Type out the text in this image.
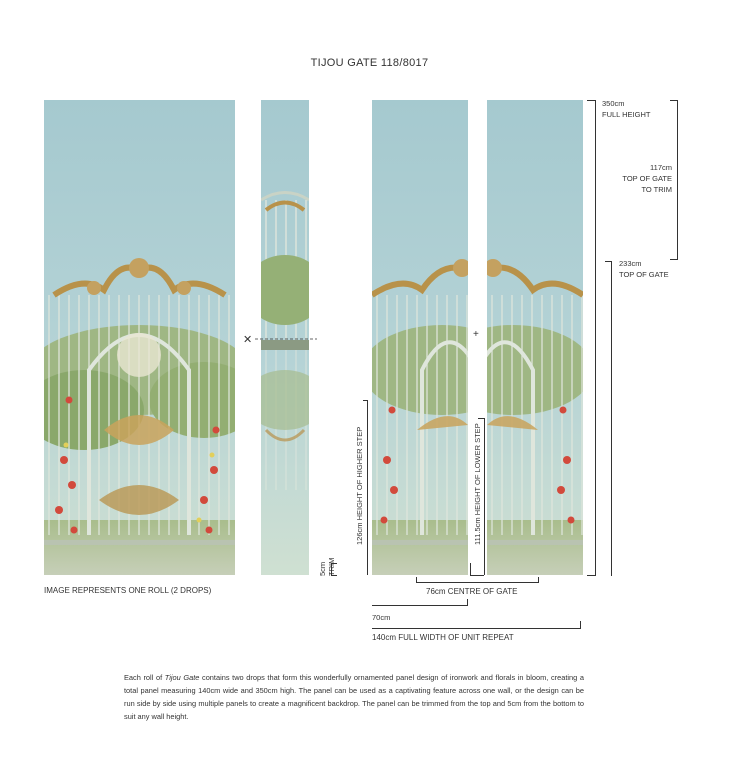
TIJOU GATE 118/8017
✕	+
350cm
FULL HEIGHT
117cm
TOP OF GATE
TO TRIM
233cm
TOP OF GATE
126cm HEIGHT OF HIGHER STEP	111.5cm HEIGHT OF LOWER STEP
5cm TRIM
76cm CENTRE OF GATE
70cm
140cm FULL WIDTH OF UNIT REPEAT
IMAGE REPRESENTS ONE ROLL (2 DROPS)
Each roll of Tijou Gate contains two drops that form this wonderfully ornamented panel design of ironwork and florals in bloom, creating a total panel measuring 140cm wide and 350cm high. The panel can be used as a captivating feature across one wall, or the design can be run side by side using multiple panels to create a magnificent backdrop. The panel can be trimmed from the top and 5cm from the bottom to suit any wall height.
